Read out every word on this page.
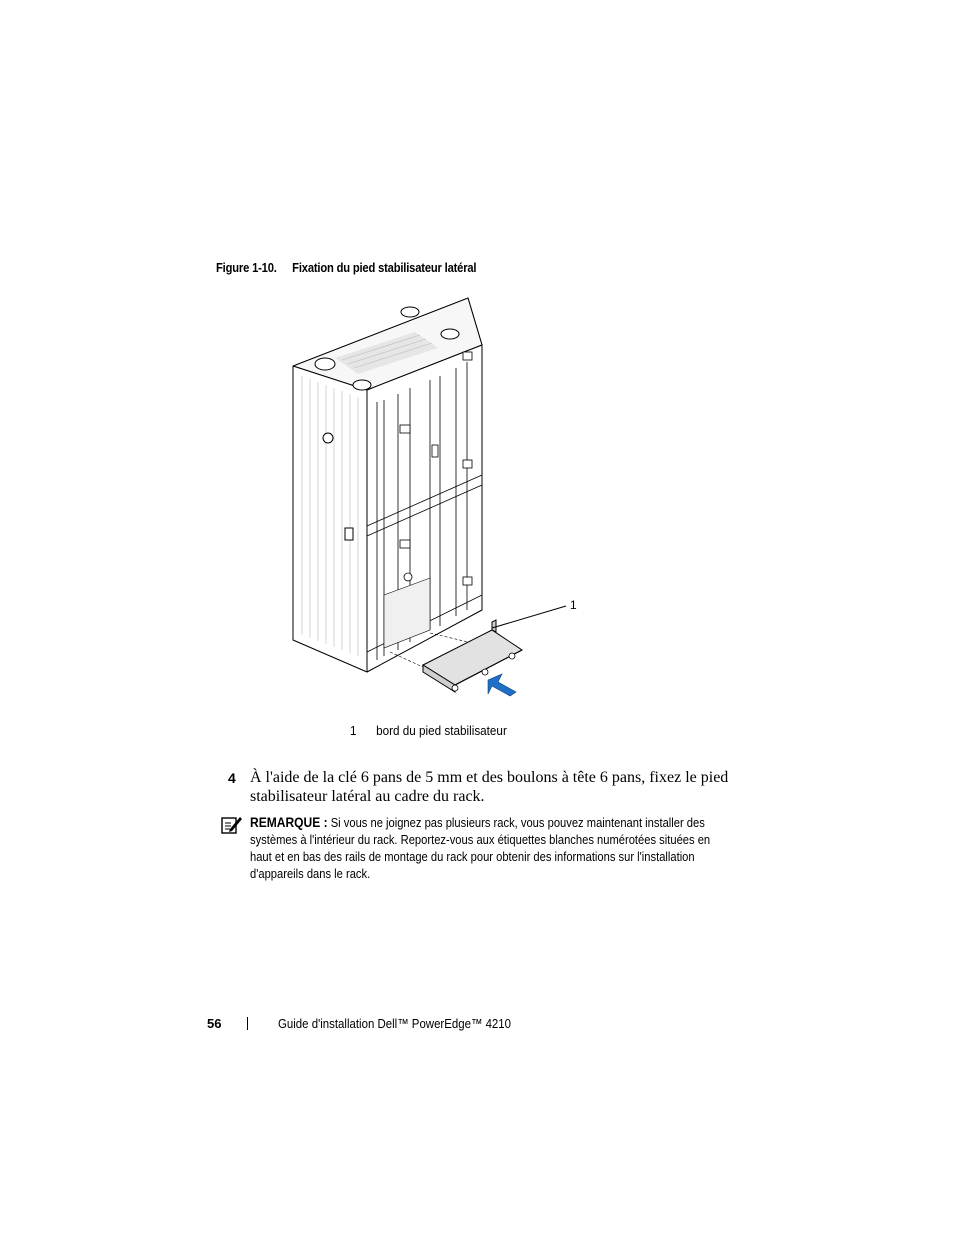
Figure 1-10. Fixation du pied stabilisateur latéral
1
1 bord du pied stabilisateur
4 À l'aide de la clé 6 pans de 5 mm et des boulons à tête 6 pans, fixez le pied stabilisateur latéral au cadre du rack.
REMARQUE : Si vous ne joignez pas plusieurs rack, vous pouvez maintenant installer des systèmes à l'intérieur du rack. Reportez-vous aux étiquettes blanches numérotées situées en haut et en bas des rails de montage du rack pour obtenir des informations sur l'installation d'appareils dans le rack.
56	Guide d'installation Dell™ PowerEdge™ 4210
